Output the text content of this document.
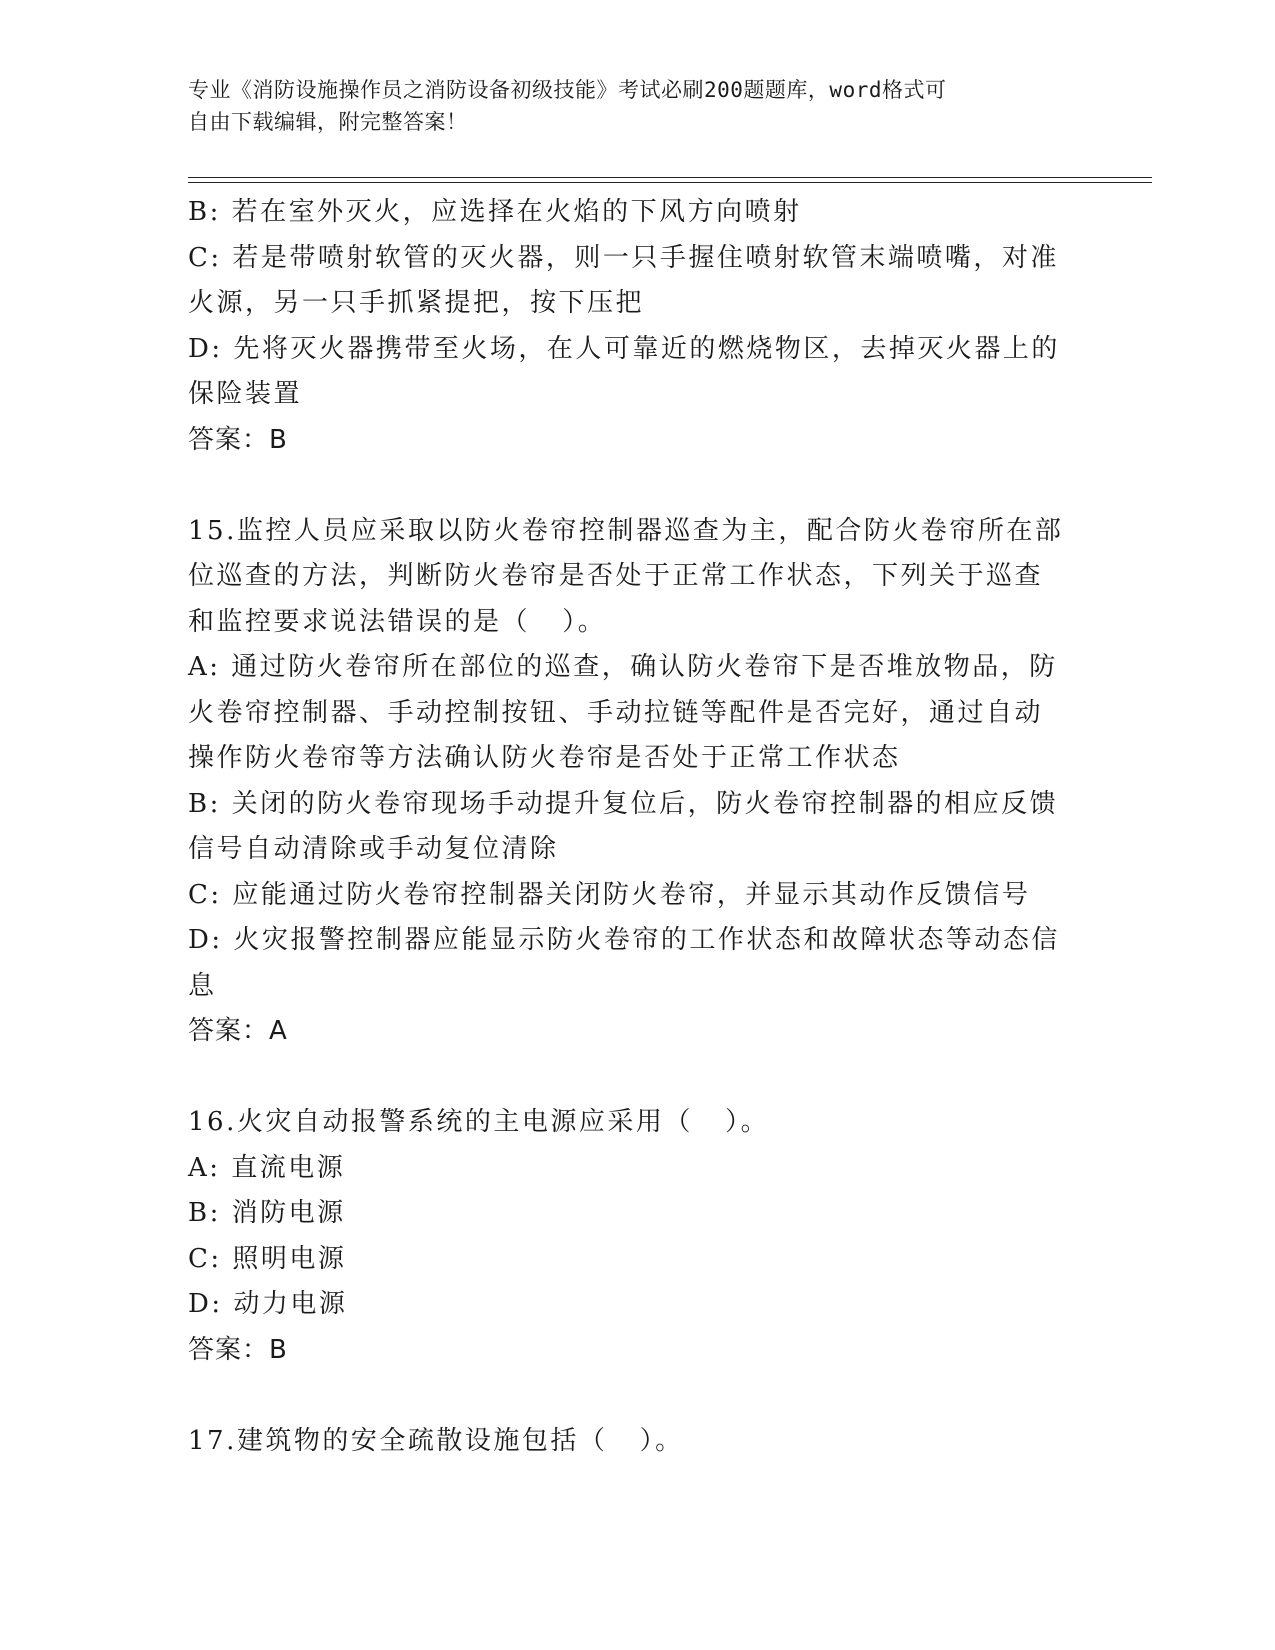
专业《消防设施操作员之消防设备初级技能》考试必刷200题题库，word格式可
自由下载编辑，附完整答案！

B: 若在室外灭火，应选择在火焰的下风方向喷射

C: 若是带喷射软管的灭火器，则一只手握住喷射软管末端喷嘴，对准

火源，另一只手抓紧提把，按下压把

D: 先将灭火器携带至火场，在人可靠近的燃烧物区，去掉灭火器上的

保险装置

答案：B

15.监控人员应采取以防火卷帘控制器巡查为主，配合防火卷帘所在部

位巡查的方法，判断防火卷帘是否处于正常工作状态，下列关于巡查

和监控要求说法错误的是（   ）。

A: 通过防火卷帘所在部位的巡查，确认防火卷帘下是否堆放物品，防

火卷帘控制器、手动控制按钮、手动拉链等配件是否完好，通过自动

操作防火卷帘等方法确认防火卷帘是否处于正常工作状态

B: 关闭的防火卷帘现场手动提升复位后，防火卷帘控制器的相应反馈

信号自动清除或手动复位清除

C: 应能通过防火卷帘控制器关闭防火卷帘，并显示其动作反馈信号

D: 火灾报警控制器应能显示防火卷帘的工作状态和故障状态等动态信

息

答案：A

16.火灾自动报警系统的主电源应采用（   ）。

A: 直流电源

B: 消防电源

C: 照明电源

D: 动力电源

答案：B

17.建筑物的安全疏散设施包括（   ）。
